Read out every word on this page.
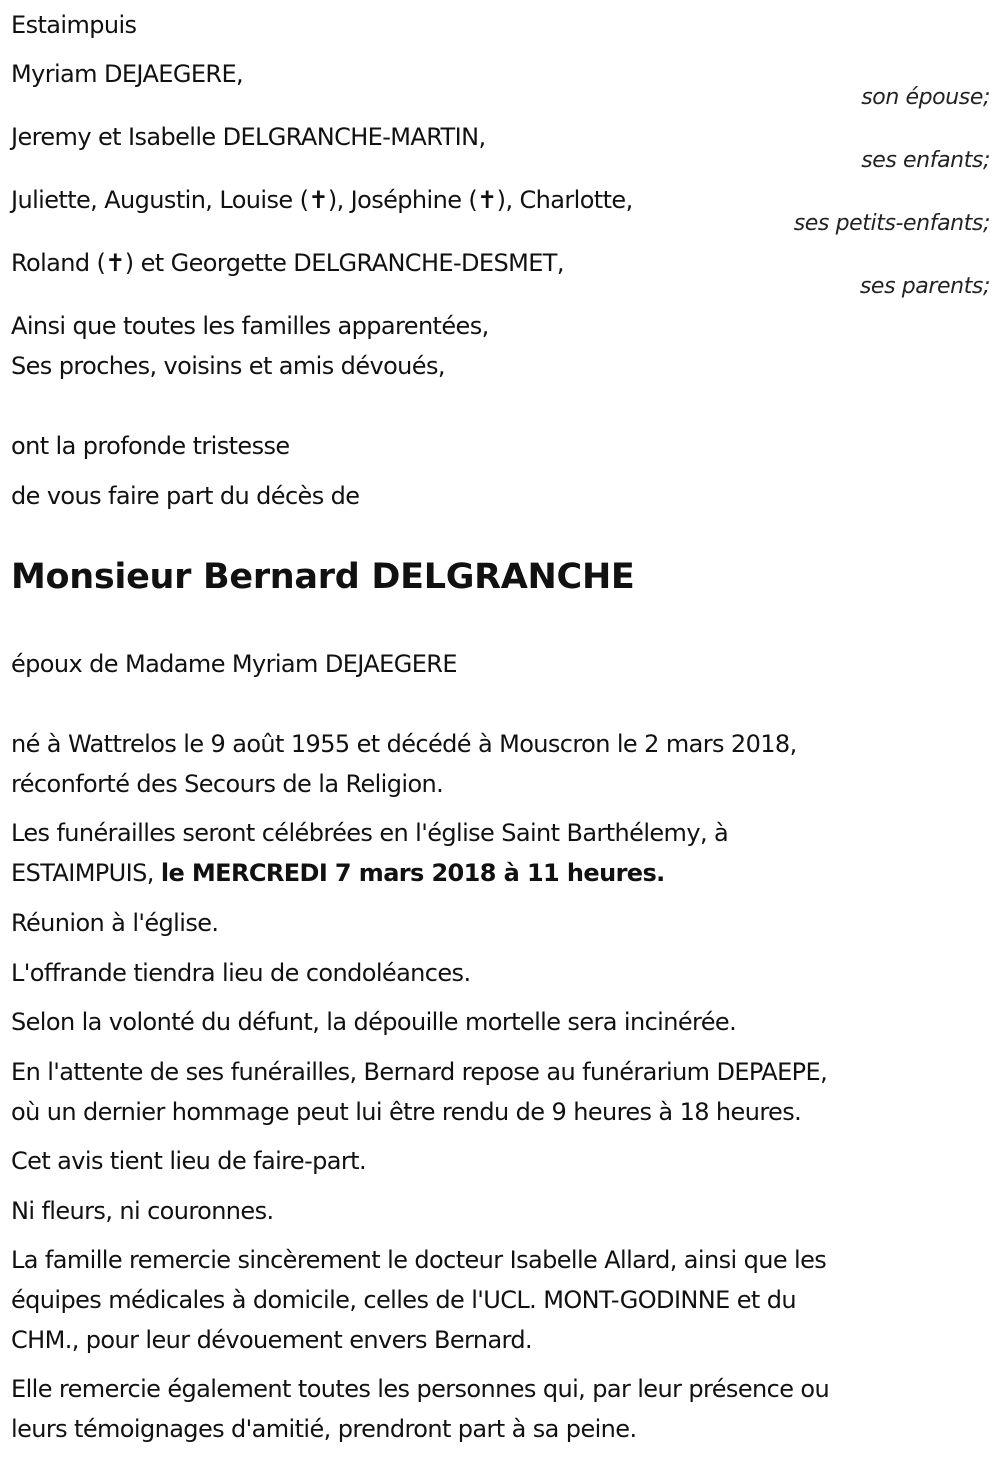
Estaimpuis
Myriam DEJAEGERE,
son épouse;
Jeremy et Isabelle DELGRANCHE-MARTIN,
ses enfants;
Juliette, Augustin, Louise (✝), Joséphine (✝), Charlotte,
ses petits-enfants;
Roland (✝) et Georgette DELGRANCHE-DESMET,
ses parents;
Ainsi que toutes les familles apparentées,
Ses proches, voisins et amis dévoués,
ont la profonde tristesse
de vous faire part du décès de
Monsieur Bernard DELGRANCHE
époux de Madame Myriam DEJAEGERE
né à Wattrelos le 9 août 1955 et décédé à Mouscron le 2 mars 2018,
réconforté des Secours de la Religion.
Les funérailles seront célébrées en l'église Saint Barthélemy, à
ESTAIMPUIS, le MERCREDI 7 mars 2018 à 11 heures.
Réunion à l'église.
L'offrande tiendra lieu de condoléances.
Selon la volonté du défunt, la dépouille mortelle sera incinérée.
En l'attente de ses funérailles, Bernard repose au funérarium DEPAEPE,
où un dernier hommage peut lui être rendu de 9 heures à 18 heures.
Cet avis tient lieu de faire-part.
Ni fleurs, ni couronnes.
La famille remercie sincèrement le docteur Isabelle Allard, ainsi que les
équipes médicales à domicile, celles de l'UCL. MONT-GODINNE et du
CHM., pour leur dévouement envers Bernard.
Elle remercie également toutes les personnes qui, par leur présence ou
leurs témoignages d'amitié, prendront part à sa peine.
